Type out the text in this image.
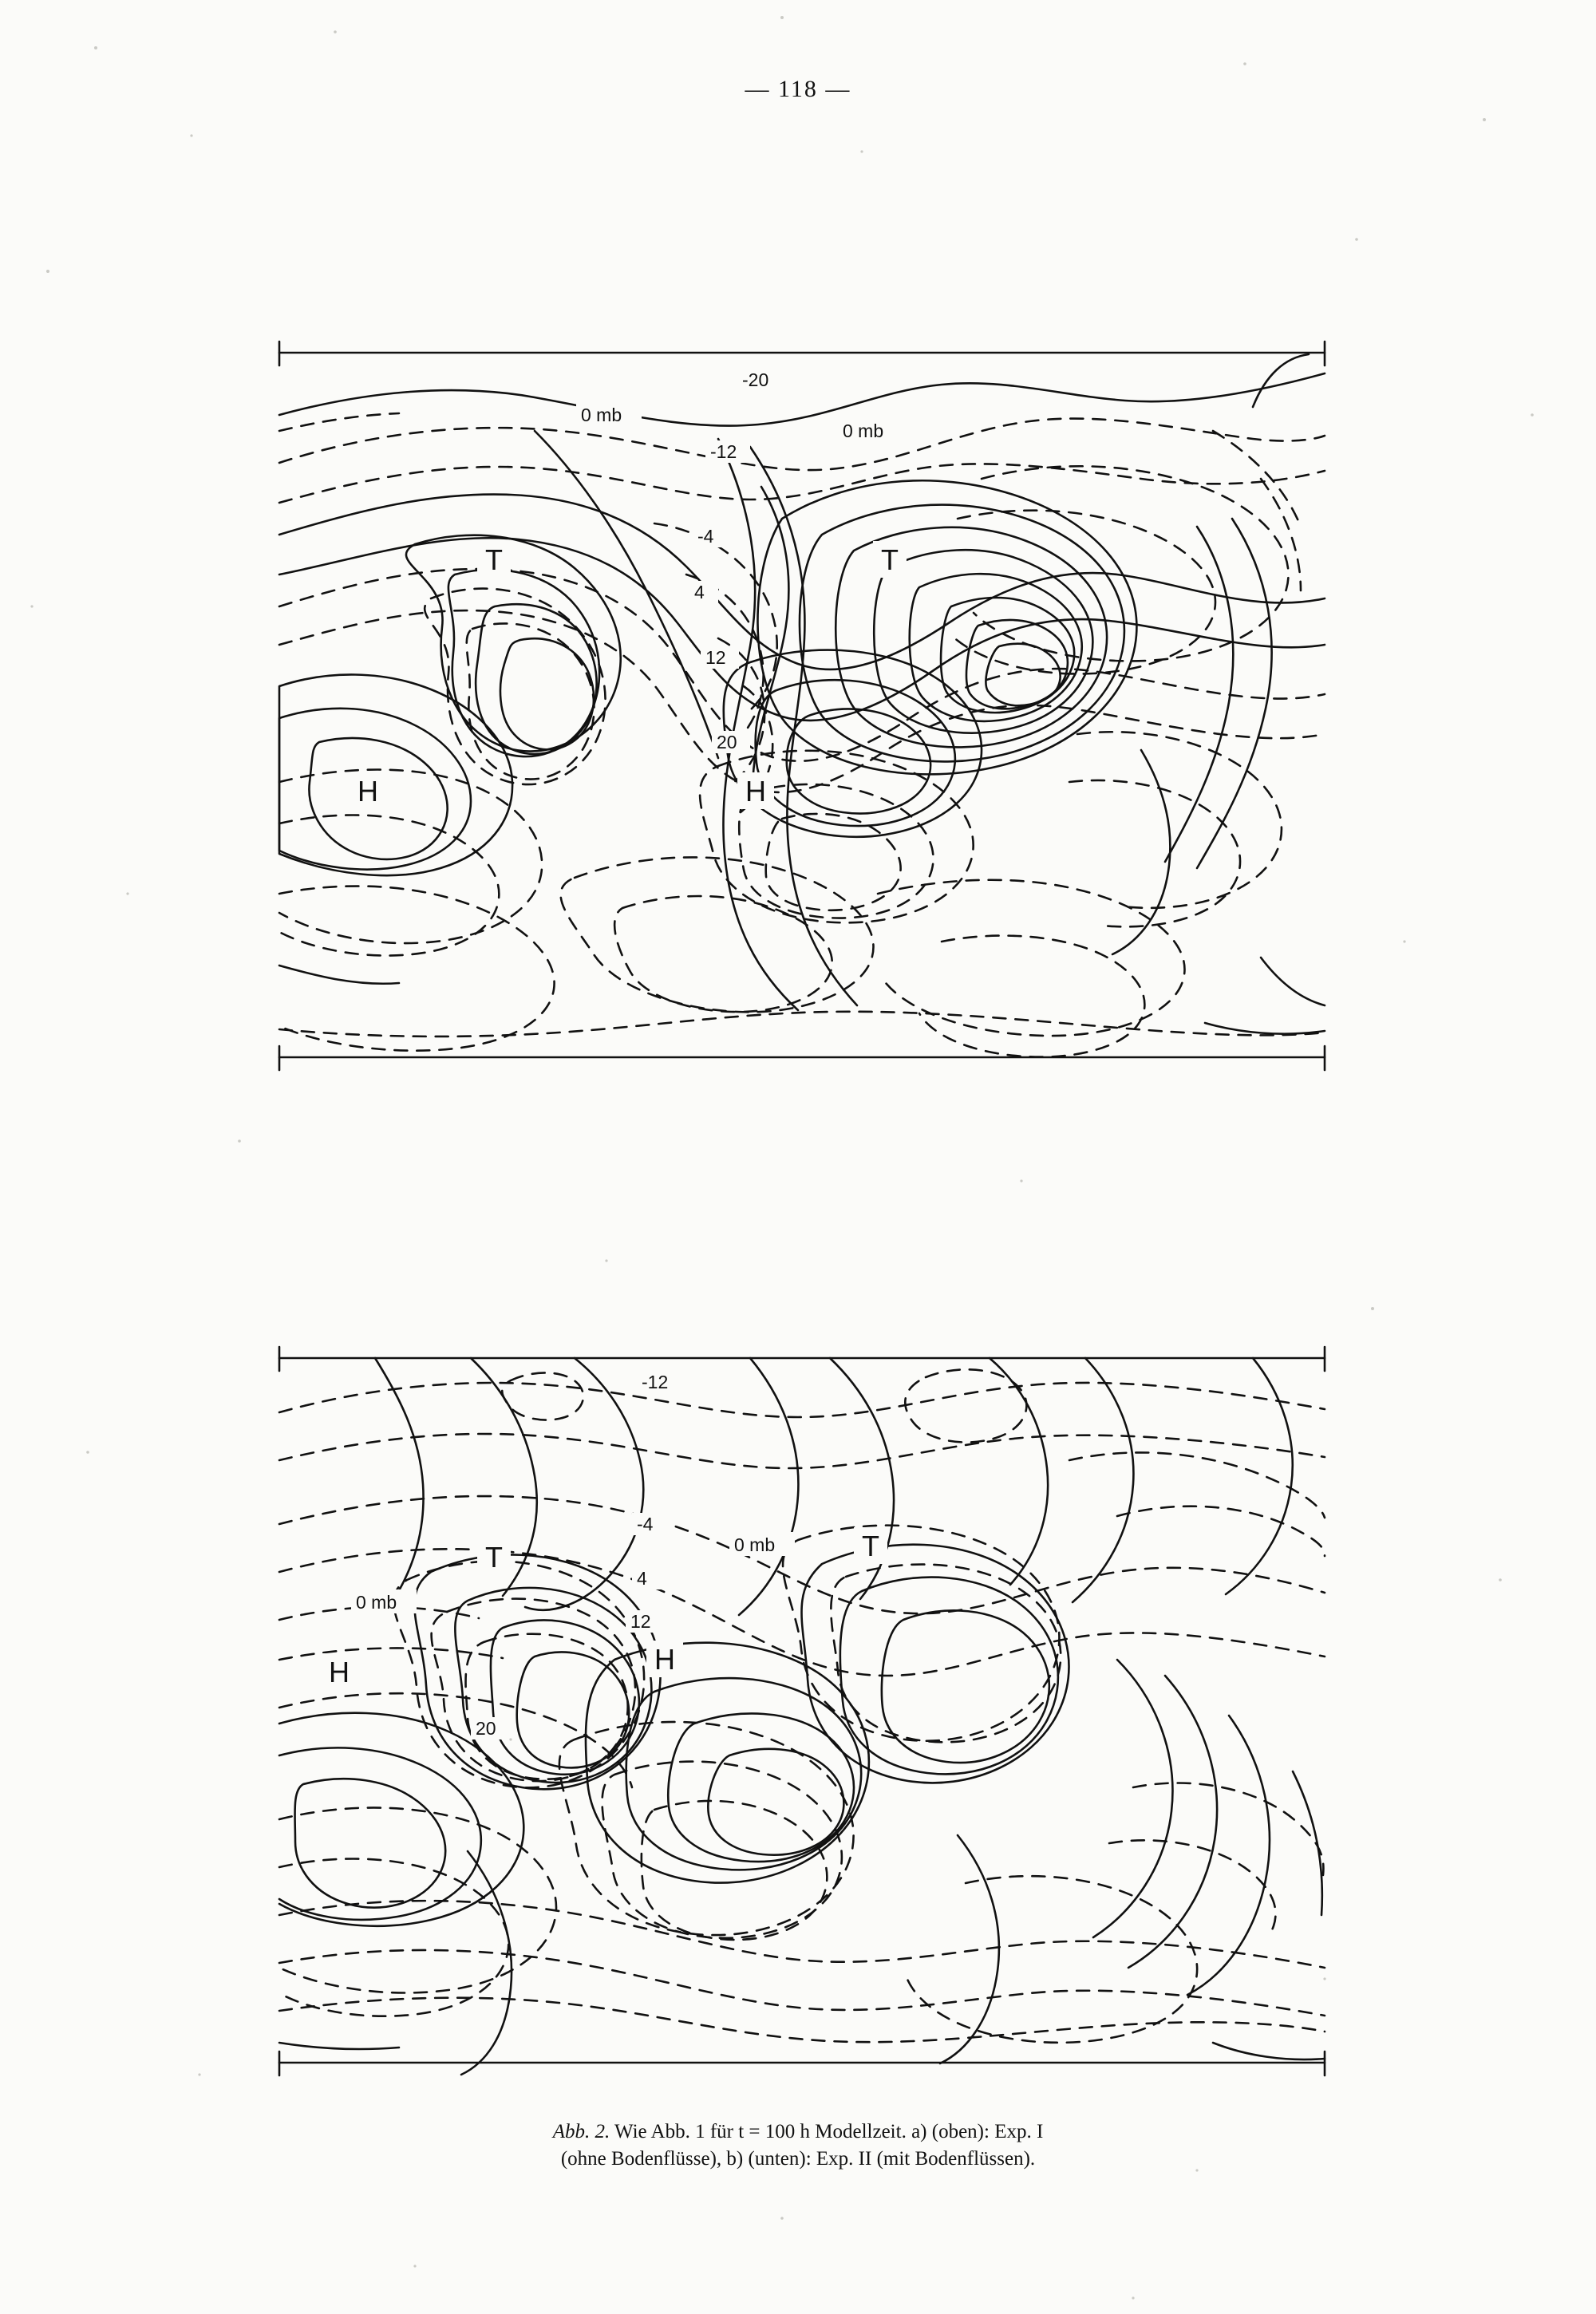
— 118 —
-20
0 mb
0 mb
-12
-4
4
12
20
T	T
H	H
-12
-4
0 mb
4
0 mb
12
20
T	T
H	H
Abb. 2. Wie Abb. 1 für t = 100 h Modellzeit. a) (oben): Exp. I
(ohne Bodenflüsse), b) (unten): Exp. II (mit Bodenflüssen).
